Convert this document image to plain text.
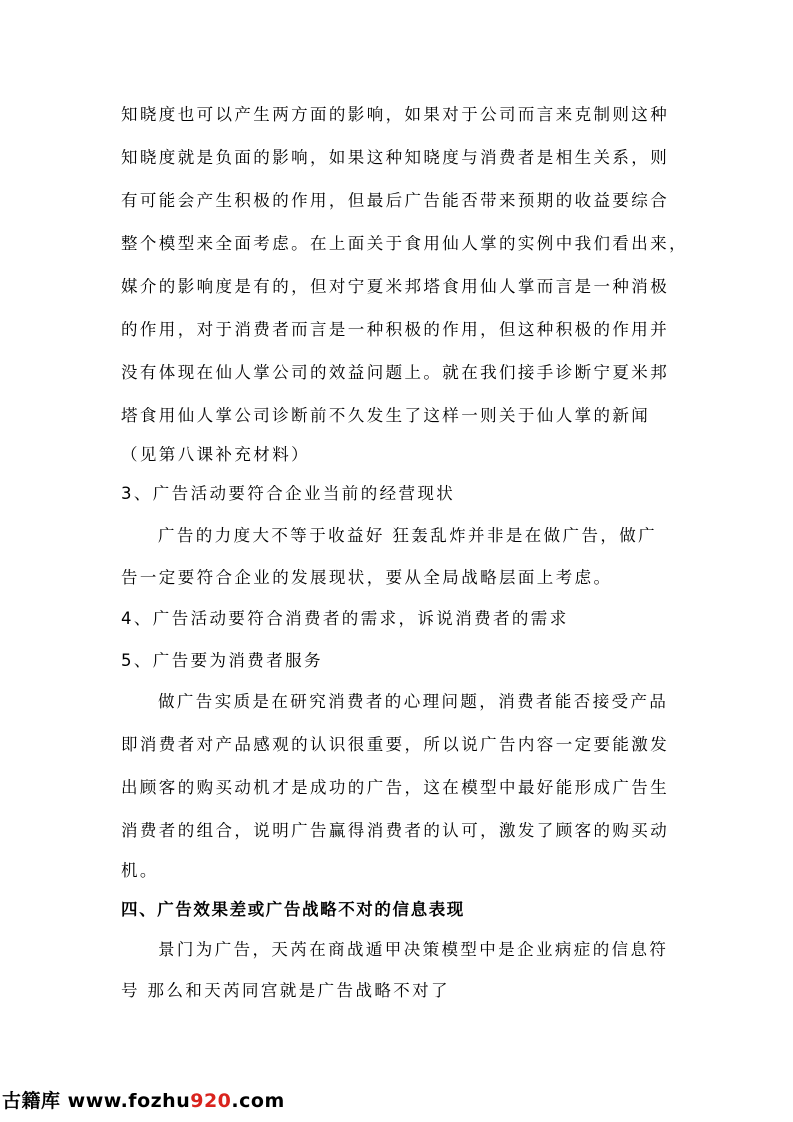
知晓度也可以产生两方面的影响，如果对于公司而言来克制则这种
知晓度就是负面的影响，如果这种知晓度与消费者是相生关系，则
有可能会产生积极的作用，但最后广告能否带来预期的收益要综合
整个模型来全面考虑。在上面关于食用仙人掌的实例中我们看出来，
媒介的影响度是有的，但对宁夏米邦塔食用仙人掌而言是一种消极
的作用，对于消费者而言是一种积极的作用，但这种积极的作用并
没有体现在仙人掌公司的效益问题上。就在我们接手诊断宁夏米邦
塔食用仙人掌公司诊断前不久发生了这样一则关于仙人掌的新闻
（见第八课补充材料）
3、广告活动要符合企业当前的经营现状
广告的力度大不等于收益好 狂轰乱炸并非是在做广告，做广
告一定要符合企业的发展现状，要从全局战略层面上考虑。
4、广告活动要符合消费者的需求，诉说消费者的需求
5、广告要为消费者服务
做广告实质是在研究消费者的心理问题，消费者能否接受产品
即消费者对产品感观的认识很重要，所以说广告内容一定要能激发
出顾客的购买动机才是成功的广告，这在模型中最好能形成广告生
消费者的组合，说明广告赢得消费者的认可，激发了顾客的购买动
机。
四、广告效果差或广告战略不对的信息表现
景门为广告，天芮在商战遁甲决策模型中是企业病症的信息符
号 那么和天芮同宫就是广告战略不对了
古籍库 www.fozhu920.com
